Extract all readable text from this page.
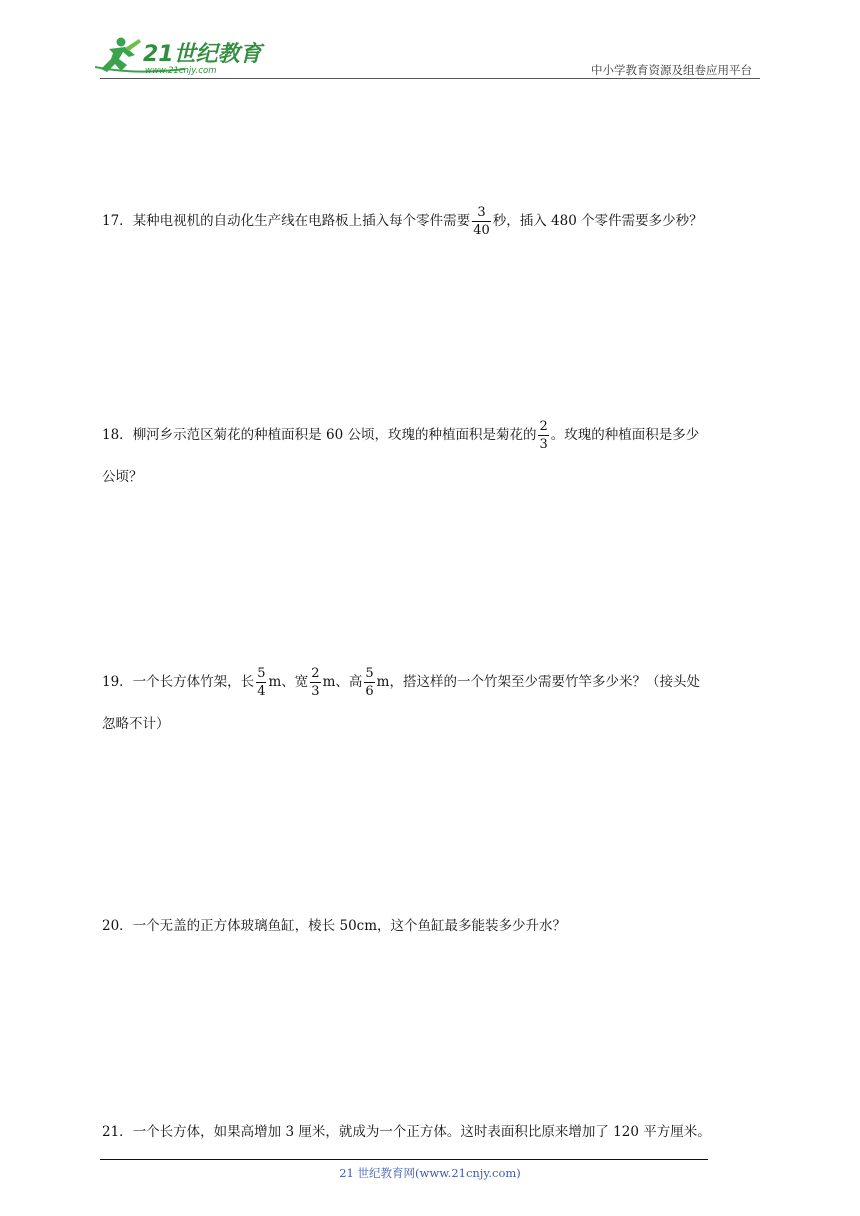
21世纪教育
www.21cnjy.com	中小学教育资源及组卷应用平台
17．某种电视机的自动化生产线在电路板上插入每个零件需要 $\frac{3}{40}$ 秒，插入 480 个零件需要多少秒？
18．柳河乡示范区菊花的种植面积是 60 公顷，玫瑰的种植面积是菊花的 $\frac{2}{3}$ 。玫瑰的种植面积是多少
公顷？
19．一个长方体竹架，长 $\frac{5}{4}$ m、宽 $\frac{2}{3}$ m、高 $\frac{5}{6}$ m，搭这样的一个竹架至少需要竹竿多少米？（接头处
忽略不计）
20．一个无盖的正方体玻璃鱼缸，棱长 50cm，这个鱼缸最多能装多少升水？
21．一个长方体，如果高增加 3 厘米，就成为一个正方体。这时表面积比原来增加了 120 平方厘米。
21 世纪教育网(www.21cnjy.com)
